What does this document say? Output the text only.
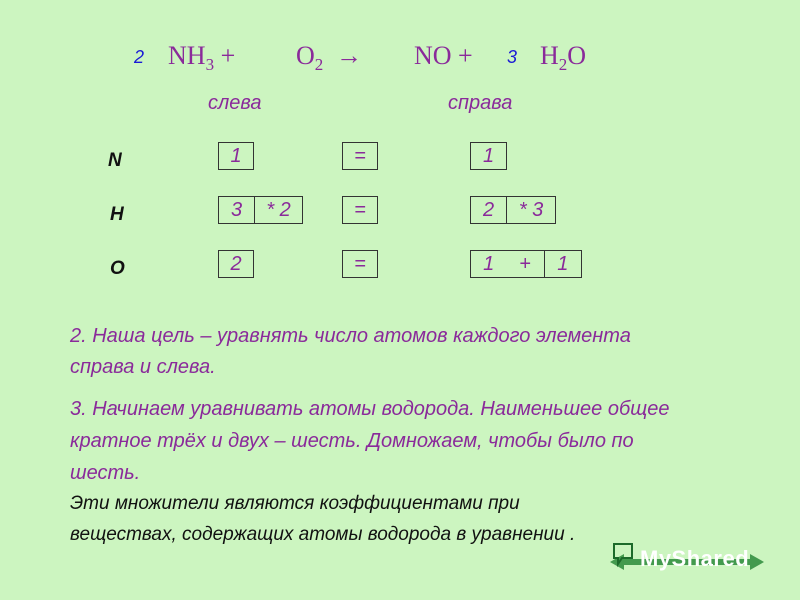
2 $NH_3 + O_2$ → NO + 3 $H_2O$
слева	справа
N	1	=	1
H	3	* 2	=	2	* 3
O	2	=	1	+	1
2. Наша цель – уравнять число атомов каждого элемента
справа и слева.
3. Начинаем уравнивать атомы водорода. Наименьшее общее
кратное трёх и двух – шесть. Домножаем, чтобы было по
шесть.
Эти множители являются коэффициентами при
веществах, содержащих атомы водорода в уравнении .
MyShared
